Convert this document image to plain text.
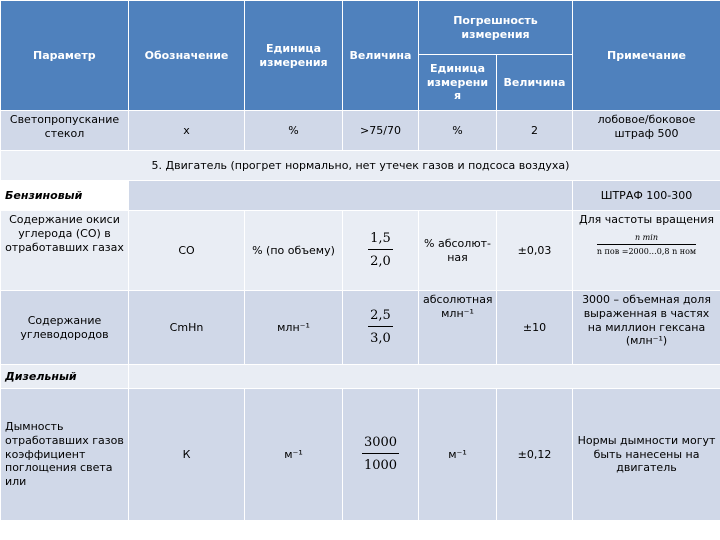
Параметр	Обозначение	Единица измерения	Величина	Погрешность измерения		Примечание
				Единица измерени я	Величина	
Светопропускание стекол	х	%	>75/70	%	2	лобовое/боковое штраф 500
5. Двигатель (прогрет нормально, нет утечек газов и подсоса воздуха)						
Бензиновый						ШТРАФ 100-300
Содержание окиси углерода (СО) в отработавших газах	СО	% (по объему)	$\frac{1,5}{2,0}$	% абсолют-ная	±0,03	Для частоты вращения

n min
n пов =2000…0,8 n ном

Содержание углеводородов	CmHn	млн⁻¹	$\frac{2,5}{3,0}$	абсолютная млн⁻¹	±10	3000 – объемная доля выраженная в частях на миллион гексана (млн⁻¹)
Дизельный						
Дымность отработавших газов коэффициент поглощения света или	К	м⁻¹	$\frac{3000}{1000}$	м⁻¹	±0,12	Нормы дымности могут быть нанесены на двигатель
